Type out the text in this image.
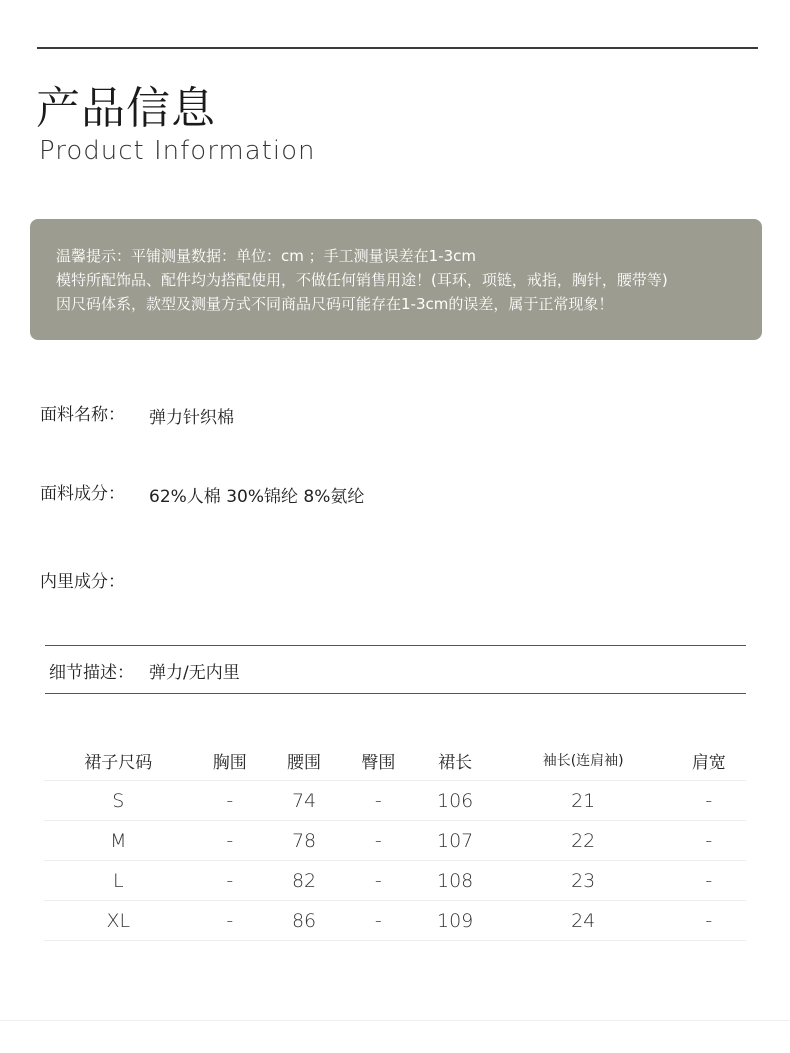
产品信息
Product Information
温馨提示：平铺测量数据：单位：cm ；手工测量误差在1-3cm
模特所配饰品、配件均为搭配使用，不做任何销售用途！(耳环，项链，戒指，胸针，腰带等)
因尺码体系，款型及测量方式不同商品尺码可能存在1-3cm的误差，属于正常现象！
面料名称： 弹力针织棉
面料成分： 62%人棉 30%锦纶 8%氨纶
内里成分：
细节描述： 弹力/无内里
裙子尺码	胸围	腰围	臀围	裙长	袖长(连肩袖)	肩宽
S	-	74	-	106	21	-
M	-	78	-	107	22	-
L	-	82	-	108	23	-
XL	-	86	-	109	24	-
